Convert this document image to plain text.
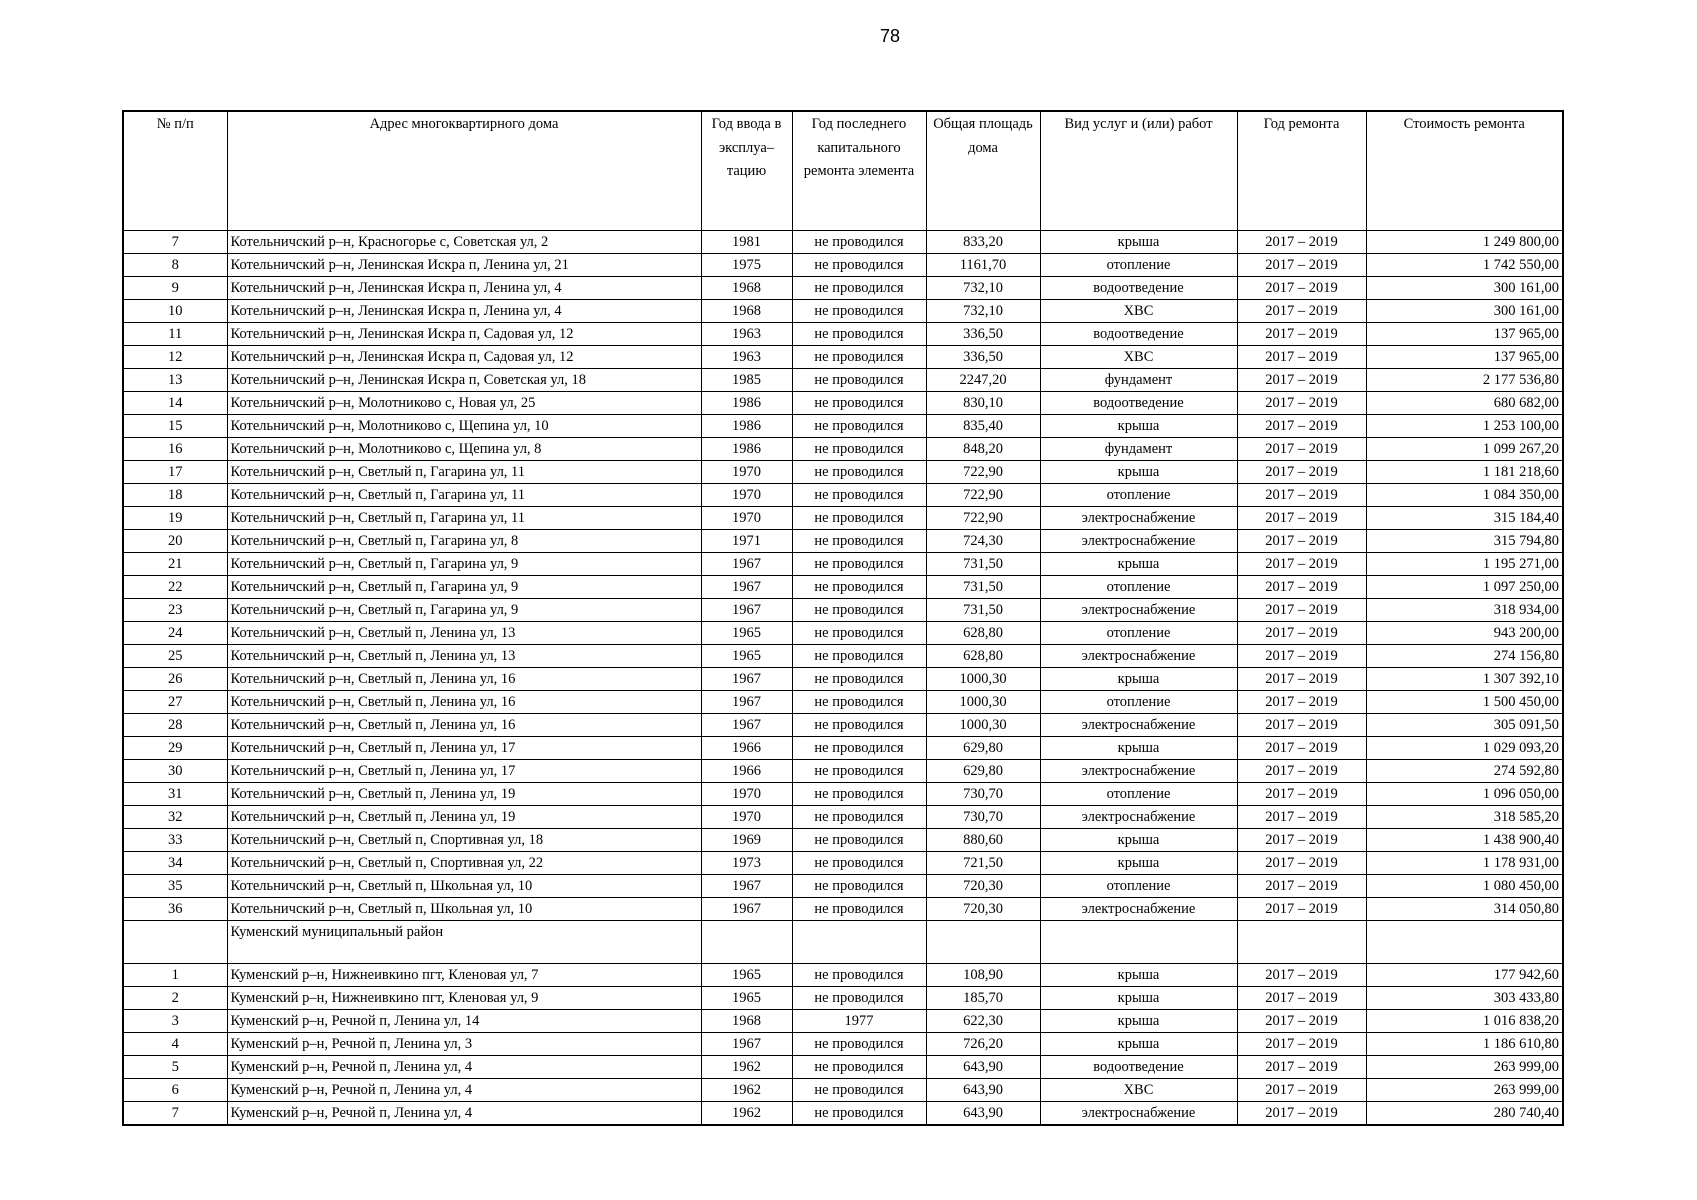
78
№ п/п	Адрес многоквартирного дома	Год ввода в эксплуа–тацию	Год последнего капитального ремонта элемента	Общая площадь дома	Вид услуг и (или) работ	Год ремонта	Стоимость ремонта
7	Котельничский р–н, Красногорье с, Советская ул, 2	1981	не проводился	833,20	крыша	2017 – 2019	1 249 800,00
8	Котельничский р–н, Ленинская Искра п, Ленина ул, 21	1975	не проводился	1161,70	отопление	2017 – 2019	1 742 550,00
9	Котельничский р–н, Ленинская Искра п, Ленина ул, 4	1968	не проводился	732,10	водоотведение	2017 – 2019	300 161,00
10	Котельничский р–н, Ленинская Искра п, Ленина ул, 4	1968	не проводился	732,10	ХВС	2017 – 2019	300 161,00
11	Котельничский р–н, Ленинская Искра п, Садовая ул, 12	1963	не проводился	336,50	водоотведение	2017 – 2019	137 965,00
12	Котельничский р–н, Ленинская Искра п, Садовая ул, 12	1963	не проводился	336,50	ХВС	2017 – 2019	137 965,00
13	Котельничский р–н, Ленинская Искра п, Советская ул, 18	1985	не проводился	2247,20	фундамент	2017 – 2019	2 177 536,80
14	Котельничский р–н, Молотниково с, Новая ул, 25	1986	не проводился	830,10	водоотведение	2017 – 2019	680 682,00
15	Котельничский р–н, Молотниково с, Щепина ул, 10	1986	не проводился	835,40	крыша	2017 – 2019	1 253 100,00
16	Котельничский р–н, Молотниково с, Щепина ул, 8	1986	не проводился	848,20	фундамент	2017 – 2019	1 099 267,20
17	Котельничский р–н, Светлый п, Гагарина ул, 11	1970	не проводился	722,90	крыша	2017 – 2019	1 181 218,60
18	Котельничский р–н, Светлый п, Гагарина ул, 11	1970	не проводился	722,90	отопление	2017 – 2019	1 084 350,00
19	Котельничский р–н, Светлый п, Гагарина ул, 11	1970	не проводился	722,90	электроснабжение	2017 – 2019	315 184,40
20	Котельничский р–н, Светлый п, Гагарина ул, 8	1971	не проводился	724,30	электроснабжение	2017 – 2019	315 794,80
21	Котельничский р–н, Светлый п, Гагарина ул, 9	1967	не проводился	731,50	крыша	2017 – 2019	1 195 271,00
22	Котельничский р–н, Светлый п, Гагарина ул, 9	1967	не проводился	731,50	отопление	2017 – 2019	1 097 250,00
23	Котельничский р–н, Светлый п, Гагарина ул, 9	1967	не проводился	731,50	электроснабжение	2017 – 2019	318 934,00
24	Котельничский р–н, Светлый п, Ленина ул, 13	1965	не проводился	628,80	отопление	2017 – 2019	943 200,00
25	Котельничский р–н, Светлый п, Ленина ул, 13	1965	не проводился	628,80	электроснабжение	2017 – 2019	274 156,80
26	Котельничский р–н, Светлый п, Ленина ул, 16	1967	не проводился	1000,30	крыша	2017 – 2019	1 307 392,10
27	Котельничский р–н, Светлый п, Ленина ул, 16	1967	не проводился	1000,30	отопление	2017 – 2019	1 500 450,00
28	Котельничский р–н, Светлый п, Ленина ул, 16	1967	не проводился	1000,30	электроснабжение	2017 – 2019	305 091,50
29	Котельничский р–н, Светлый п, Ленина ул, 17	1966	не проводился	629,80	крыша	2017 – 2019	1 029 093,20
30	Котельничский р–н, Светлый п, Ленина ул, 17	1966	не проводился	629,80	электроснабжение	2017 – 2019	274 592,80
31	Котельничский р–н, Светлый п, Ленина ул, 19	1970	не проводился	730,70	отопление	2017 – 2019	1 096 050,00
32	Котельничский р–н, Светлый п, Ленина ул, 19	1970	не проводился	730,70	электроснабжение	2017 – 2019	318 585,20
33	Котельничский р–н, Светлый п, Спортивная ул, 18	1969	не проводился	880,60	крыша	2017 – 2019	1 438 900,40
34	Котельничский р–н, Светлый п, Спортивная ул, 22	1973	не проводился	721,50	крыша	2017 – 2019	1 178 931,00
35	Котельничский р–н, Светлый п, Школьная ул, 10	1967	не проводился	720,30	отопление	2017 – 2019	1 080 450,00
36	Котельничский р–н, Светлый п, Школьная ул, 10	1967	не проводился	720,30	электроснабжение	2017 – 2019	314 050,80
	Куменский муниципальный район						
1	Куменский р–н, Нижнеивкино пгт, Кленовая ул, 7	1965	не проводился	108,90	крыша	2017 – 2019	177 942,60
2	Куменский р–н, Нижнеивкино пгт, Кленовая ул, 9	1965	не проводился	185,70	крыша	2017 – 2019	303 433,80
3	Куменский р–н, Речной п, Ленина ул, 14	1968	1977	622,30	крыша	2017 – 2019	1 016 838,20
4	Куменский р–н, Речной п, Ленина ул, 3	1967	не проводился	726,20	крыша	2017 – 2019	1 186 610,80
5	Куменский р–н, Речной п, Ленина ул, 4	1962	не проводился	643,90	водоотведение	2017 – 2019	263 999,00
6	Куменский р–н, Речной п, Ленина ул, 4	1962	не проводился	643,90	ХВС	2017 – 2019	263 999,00
7	Куменский р–н, Речной п, Ленина ул, 4	1962	не проводился	643,90	электроснабжение	2017 – 2019	280 740,40
